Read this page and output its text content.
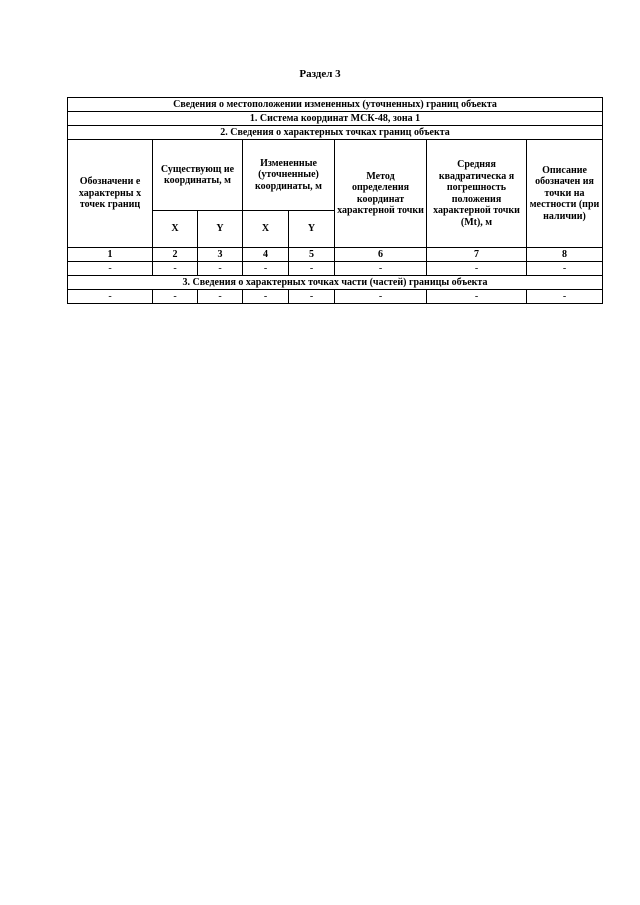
Раздел 3
Сведения о местоположении измененных (уточненных) границ объекта							
1. Система координат МСК-48, зона 1							
2. Сведения о характерных точках границ объекта							
Обозначени е характерны х точек границ	Существующ ие координаты, м		Измененные (уточненные) координаты, м		Метод определения координат характерной точки	Средняя квадратическа я погрешность положения характерной точки (Mt), м	Описание обозначен ия точки на местности (при наличии)
	X	Y	X	Y			
1	2	3	4	5	6	7	8
-	-	-	-	-	-	-	-
3. Сведения о характерных точках части (частей) границы объекта							
-	-	-	-	-	-	-	-
